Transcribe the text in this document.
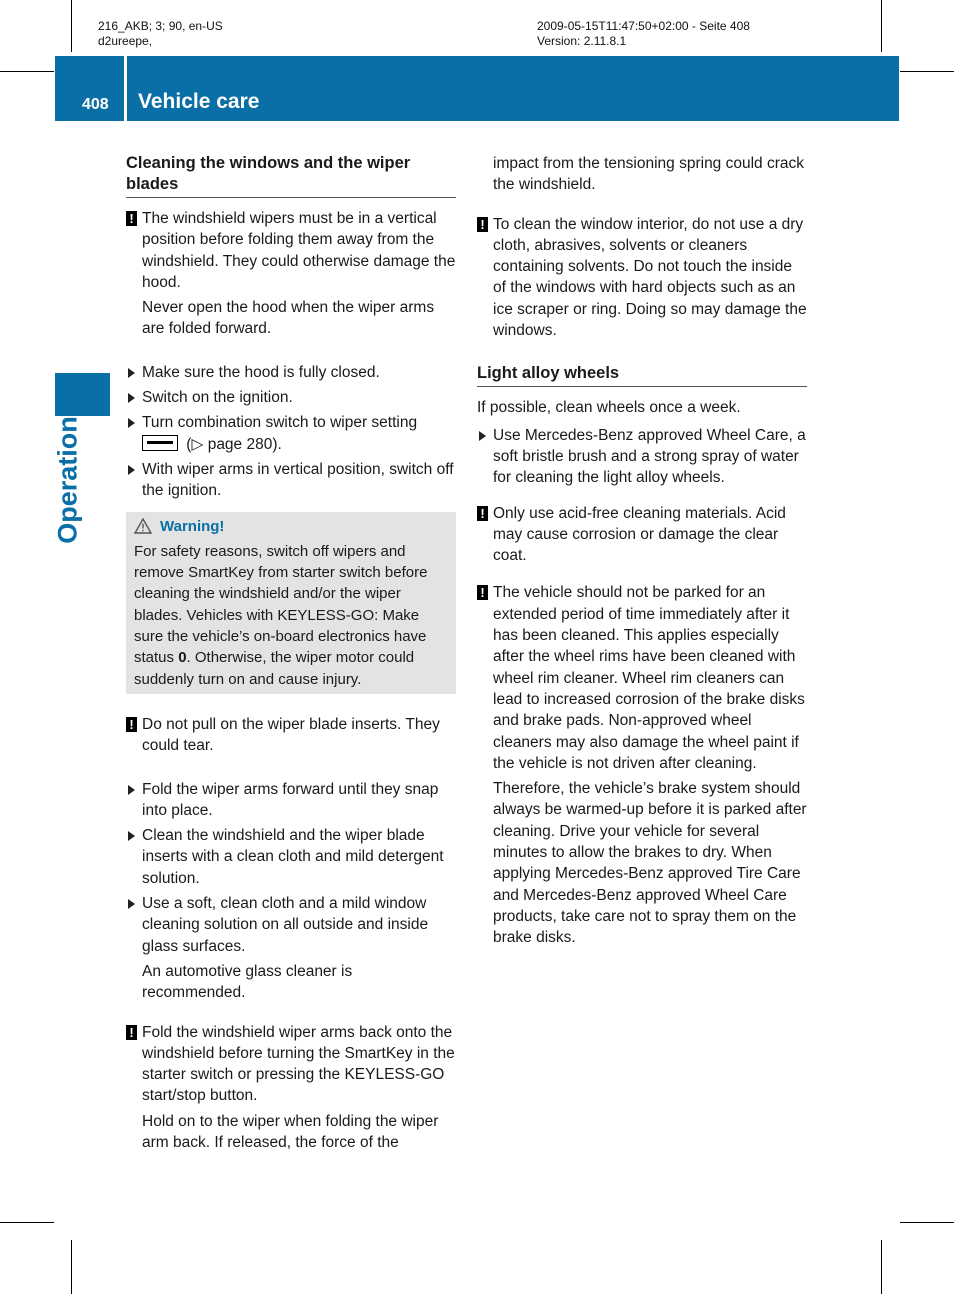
216_AKB; 3; 90, en-US
d2ureepe,
2009-05-15T11:47:50+02:00 - Seite 408
Version: 2.11.8.1
408 Vehicle care
Operation
Cleaning the windows and the wiper blades
! The windshield wipers must be in a vertical position before folding them away from the windshield. They could otherwise damage the hood.

Never open the hood when the wiper arms are folded forward.

Make sure the hood is fully closed.

Switch on the ignition.

Turn combination switch to wiper setting
(▷ page 280).

With wiper arms in vertical position, switch off the ignition.

Warning!

For safety reasons, switch off wipers and remove SmartKey from starter switch before cleaning the windshield and/or the wiper blades. Vehicles with KEYLESS-GO: Make sure the vehicle’s on-board electronics have status 0. Otherwise, the wiper motor could suddenly turn on and cause injury.

! Do not pull on the wiper blade inserts. They could tear.

Fold the wiper arms forward until they snap into place.

Clean the windshield and the wiper blade inserts with a clean cloth and mild detergent solution.

Use a soft, clean cloth and a mild window cleaning solution on all outside and inside glass surfaces.

An automotive glass cleaner is recommended.

! Fold the windshield wiper arms back onto the windshield before turning the SmartKey in the starter switch or pressing the KEYLESS-GO start/stop button.

Hold on to the wiper when folding the wiper arm back. If released, the force of the

impact from the tensioning spring could crack the windshield.

! To clean the window interior, do not use a dry cloth, abrasives, solvents or cleaners containing solvents. Do not touch the inside of the windows with hard objects such as an ice scraper or ring. Doing so may damage the windows.

Light alloy wheels

If possible, clean wheels once a week.

Use Mercedes-Benz approved Wheel Care, a soft bristle brush and a strong spray of water for cleaning the light alloy wheels.

! Only use acid-free cleaning materials. Acid may cause corrosion or damage the clear coat.

! The vehicle should not be parked for an extended period of time immediately after it has been cleaned. This applies especially after the wheel rims have been cleaned with wheel rim cleaner. Wheel rim cleaners can lead to increased corrosion of the brake disks and brake pads. Non-approved wheel cleaners may also damage the wheel paint if the vehicle is not driven after cleaning.

Therefore, the vehicle’s brake system should always be warmed-up before it is parked after cleaning. Drive your vehicle for several minutes to allow the brakes to dry. When applying Mercedes-Benz approved Tire Care and Mercedes-Benz approved Wheel Care products, take care not to spray them on the brake disks.
